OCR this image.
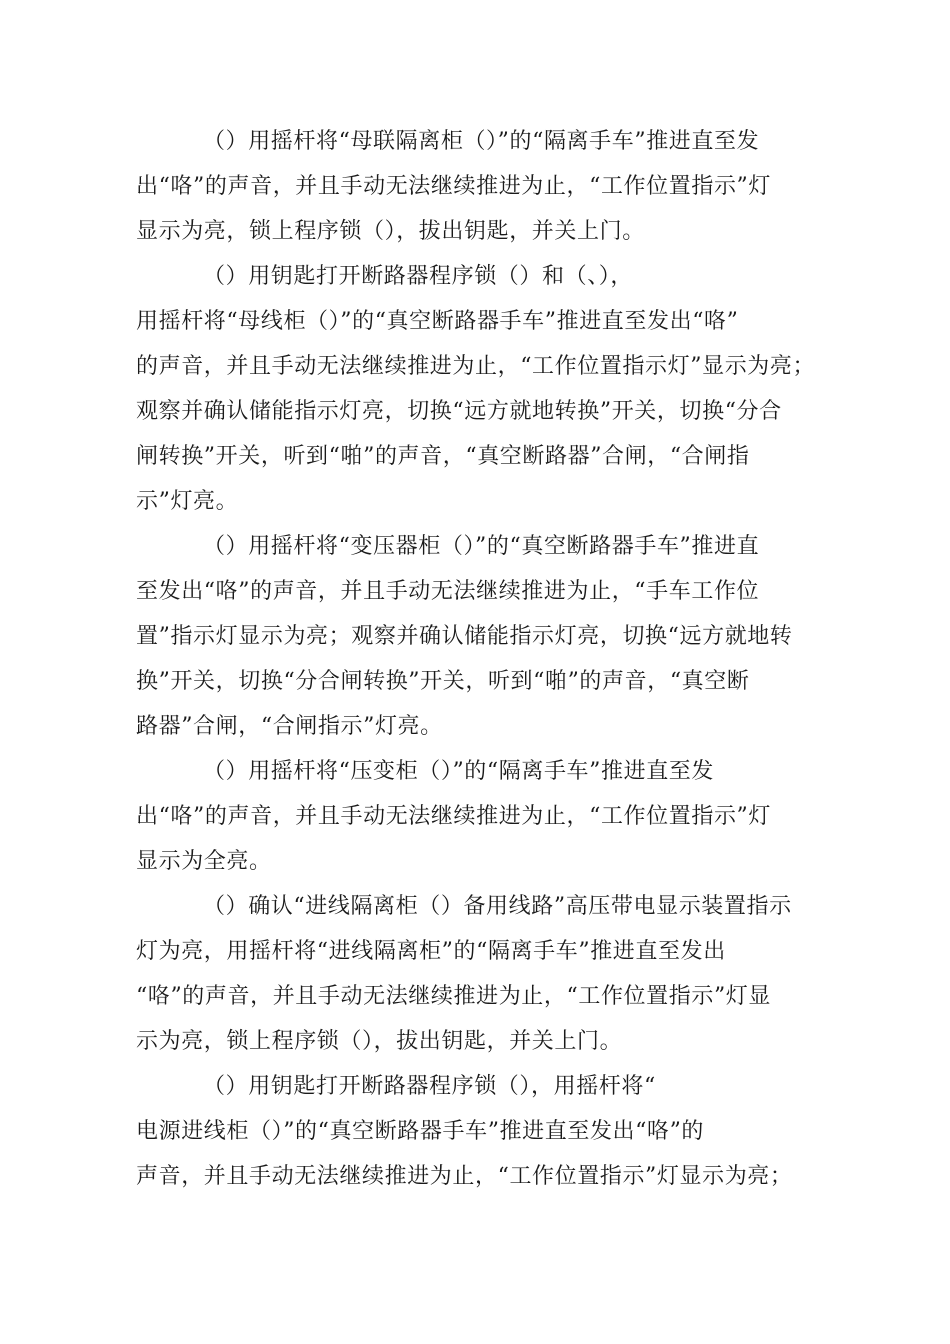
（）用摇杆将“母联隔离柜（）”的“隔离手车”推进直至发
出“咯”的声音，并且手动无法继续推进为止，“工作位置指示”灯
显示为亮，锁上程序锁（），拔出钥匙，并关上门。
（）用钥匙打开断路器程序锁（）和（、），
用摇杆将“母线柜（）”的“真空断路器手车”推进直至发出“咯”
的声音，并且手动无法继续推进为止，“工作位置指示灯”显示为亮；
观察并确认储能指示灯亮，切换“远方就地转换”开关，切换“分合
闸转换”开关，听到“啪”的声音，“真空断路器”合闸，“合闸指
示”灯亮。
（）用摇杆将“变压器柜（）”的“真空断路器手车”推进直
至发出“咯”的声音，并且手动无法继续推进为止，“手车工作位
置”指示灯显示为亮；观察并确认储能指示灯亮，切换“远方就地转
换”开关，切换“分合闸转换”开关，听到“啪”的声音，“真空断
路器”合闸，“合闸指示”灯亮。
（）用摇杆将“压变柜（）”的“隔离手车”推进直至发
出“咯”的声音，并且手动无法继续推进为止，“工作位置指示”灯
显示为全亮。
（）确认“进线隔离柜（）备用线路”高压带电显示装置指示
灯为亮，用摇杆将“进线隔离柜”的“隔离手车”推进直至发出
“咯”的声音，并且手动无法继续推进为止，“工作位置指示”灯显
示为亮，锁上程序锁（），拔出钥匙，并关上门。
（）用钥匙打开断路器程序锁（），用摇杆将“
电源进线柜（）”的“真空断路器手车”推进直至发出“咯”的
声音，并且手动无法继续推进为止，“工作位置指示”灯显示为亮；
